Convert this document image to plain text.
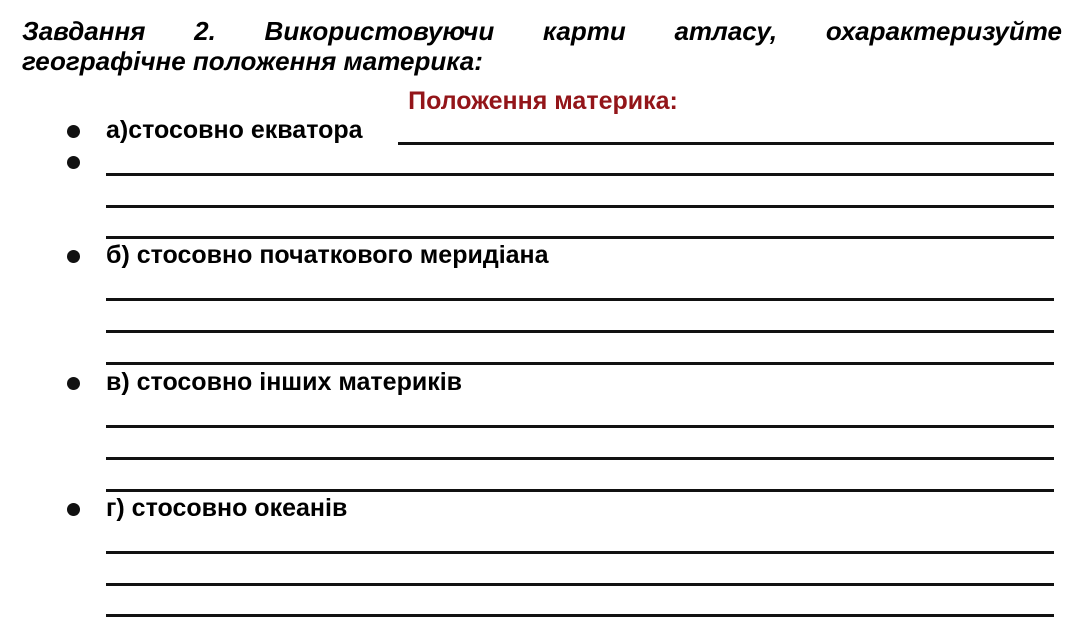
Завдання 2. Використовуючи карти атласу, охарактеризуйте
географічне положення материка:
Положення материка:
а)стосовно екватора
б) стосовно початкового меридіана
в) стосовно інших материків
г) стосовно океанів
